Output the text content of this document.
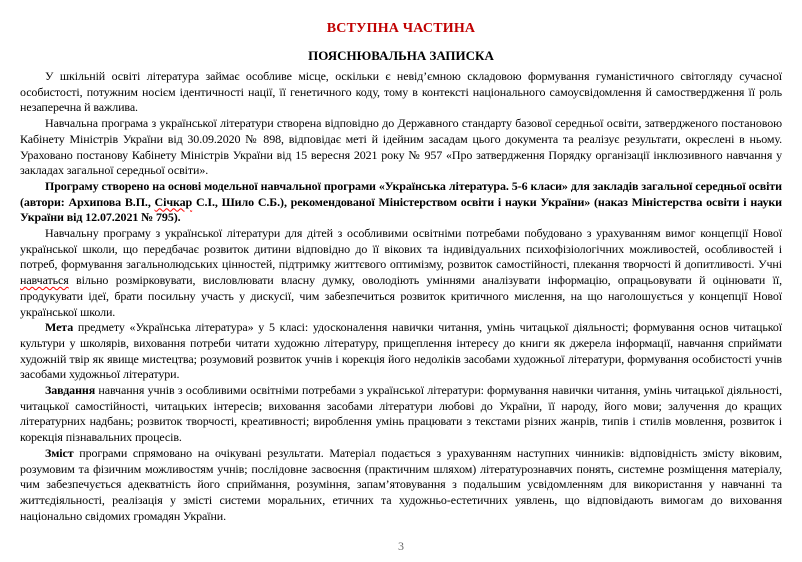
ВСТУПНА ЧАСТИНА
ПОЯСНЮВАЛЬНА ЗАПИСКА

У шкільній освіті література займає особливе місце, оскільки є невід’ємною складовою формування гуманістичного світогляду сучасної особистості, потужним носієм ідентичності нації, її генетичного коду, тому в контексті національного самоусвідомлення й самоствердження її роль незаперечна й важлива.

Навчальна програма з української літератури створена відповідно до Державного стандарту базової середньої освіти, затвердженого постановою Кабінету Міністрів України від 30.09.2020 № 898, відповідає меті й ідейним засадам цього документа та реалізує результати, окреслені в ньому. Ураховано постанову Кабінету Міністрів України від 15 вересня 2021 року № 957 «Про затвердження Порядку організації інклюзивного навчання у закладах загальної середньої освіти».

Програму створено на основі модельної навчальної програми «Українська література. 5-6 класи» для закладів загальної середньої освіти (автори: Архипова В.П., Січкар С.І., Шило С.Б.), рекомендованої Міністерством освіти і науки України» (наказ Міністерства освіти і науки України від 12.07.2021 № 795).

Навчальну програму з української літератури для дітей з особливими освітніми потребами побудовано з урахуванням вимог концепції Нової української школи, що передбачає розвиток дитини відповідно до її вікових та індивідуальних психофізіологічних можливостей, особливостей і потреб, формування загальнолюдських цінностей, підтримку життєвого оптимізму, розвиток самостійності, плекання творчості й допитливості. Учні навчаться вільно розмірковувати, висловлювати власну думку, оволодіють уміннями аналізувати інформацію, опрацьовувати й оцінювати її, продукувати ідеї, брати посильну участь у дискусії, чим забезпечиться розвиток критичного мислення, на що наголошується у концепції Нової української школи.

Мета предмету «Українська література» у 5 класі: удосконалення навички читання, умінь читацької діяльності; формування основ читацької культури у школярів, виховання потреби читати художню літературу, прищеплення інтересу до книги як джерела інформації, навчання сприймати художній твір як явище мистецтва; розумовий розвиток учнів і корекція його недоліків засобами художньої літератури, формування особистості учнів засобами художньої літератури.

Завдання навчання учнів з особливими освітніми потребами з української літератури: формування навички читання, умінь читацької діяльності, читацької самостійності, читацьких інтересів; виховання засобами літератури любові до України, її народу, його мови; залучення до кращих літературних надбань; розвиток творчості, креативності; вироблення умінь працювати з текстами різних жанрів, типів і стилів мовлення, розвиток і корекція пізнавальних процесів.

Зміст програми спрямовано на очікувані результати. Матеріал подається з урахуванням наступних чинників: відповідність змісту віковим, розумовим та фізичним можливостям учнів; послідовне засвоєння (практичним шляхом) літературознавчих понять, системне розміщення матеріалу, чим забезпечується адекватність його сприймання, розуміння, запам’ятовування з подальшим усвідомленням для використання у навчанні та життєдіяльності, реалізація у змісті системи моральних, етичних та художньо-естетичних уявлень, що відповідають вимогам до виховання національно свідомих громадян України.

3
